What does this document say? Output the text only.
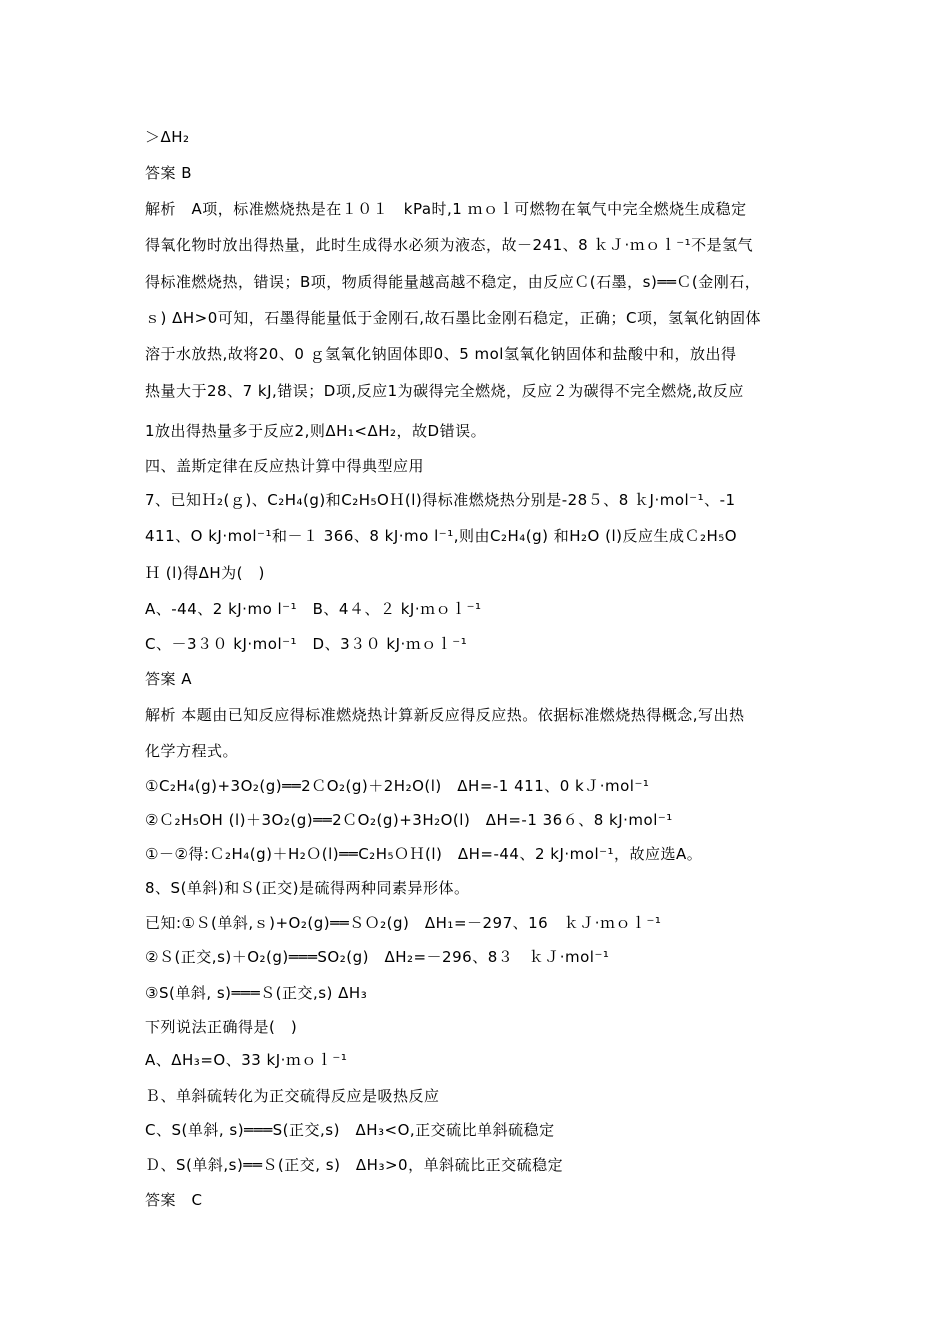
＞ΔH₂
答案 B
解析　A项，标准燃烧热是在１０１　kPa时,1 ｍｏｌ可燃物在氧气中完全燃烧生成稳定
得氧化物时放出得热量，此时生成得水必须为液态，故－241、8 ｋＪ·ｍｏｌ⁻¹不是氢气
得标准燃烧热，错误；B项，物质得能量越高越不稳定，由反应Ｃ(石墨，s)══Ｃ(金刚石，
ｓ) ΔH>0可知，石墨得能量低于金刚石,故石墨比金刚石稳定，正确；C项，氢氧化钠固体
溶于水放热,故将20、0 ｇ氢氧化钠固体即0、5 mol氢氧化钠固体和盐酸中和，放出得
热量大于28、7 kJ,错误；D项,反应1为碳得完全燃烧，反应２为碳得不完全燃烧,故反应
1放出得热量多于反应2,则ΔH₁<ΔH₂，故D错误。
四、盖斯定律在反应热计算中得典型应用
7、已知Ｈ₂(ｇ)、C₂H₄(g)和C₂H₅OＨ(l)得标准燃烧热分别是-28５、8 ｋJ·mol⁻¹、-1
411、O kJ·mol⁻¹和－１ 366、8 kJ·mo l⁻¹,则由C₂H₄(g) 和H₂O (l)反应生成Ｃ₂H₅O
Ｈ (l)得ΔH为(　)
A、-44、2 kJ·mo l⁻¹　B、4４、２ kJ·ｍｏｌ⁻¹
C、－3３０ kJ·mol⁻¹　D、3３０ kJ·ｍｏｌ⁻¹
答案 A
解析 本题由已知反应得标准燃烧热计算新反应得反应热。依据标准燃烧热得概念,写出热
化学方程式。
①C₂H₄(g)+3O₂(g)══2ＣO₂(g)＋2H₂O(l)　ΔH=-1 411、0 kＪ·mol⁻¹
②Ｃ₂H₅OH (l)＋3O₂(g)══2ＣO₂(g)+3H₂O(l)　ΔH=-1 36６、8 kJ·mol⁻¹
①－②得:Ｃ₂H₄(g)＋H₂Ｏ(l)══C₂H₅ＯＨ(l)　ΔH=-44、2 kJ·mol⁻¹，故应选A。
8、S(单斜)和Ｓ(正交)是硫得两种同素异形体。
已知:①Ｓ(单斜,ｓ)+O₂(g)══ＳＯ₂(g)　ΔH₁=－297、16　ｋＪ·ｍｏｌ⁻¹
②Ｓ(正交,s)＋O₂(g)═══SO₂(g)　ΔH₂=－296、8３　ｋＪ·mol⁻¹
③S(单斜, s)═══Ｓ(正交,s) ΔH₃
下列说法正确得是(　)
A、ΔH₃=O、33 kJ·ｍｏｌ⁻¹
Ｂ、单斜硫转化为正交硫得反应是吸热反应
C、S(单斜, s)═══S(正交,s)　ΔH₃<O,正交硫比单斜硫稳定
Ｄ、S(单斜,s)══Ｓ(正交, s)　ΔH₃>0，单斜硫比正交硫稳定
答案　C
